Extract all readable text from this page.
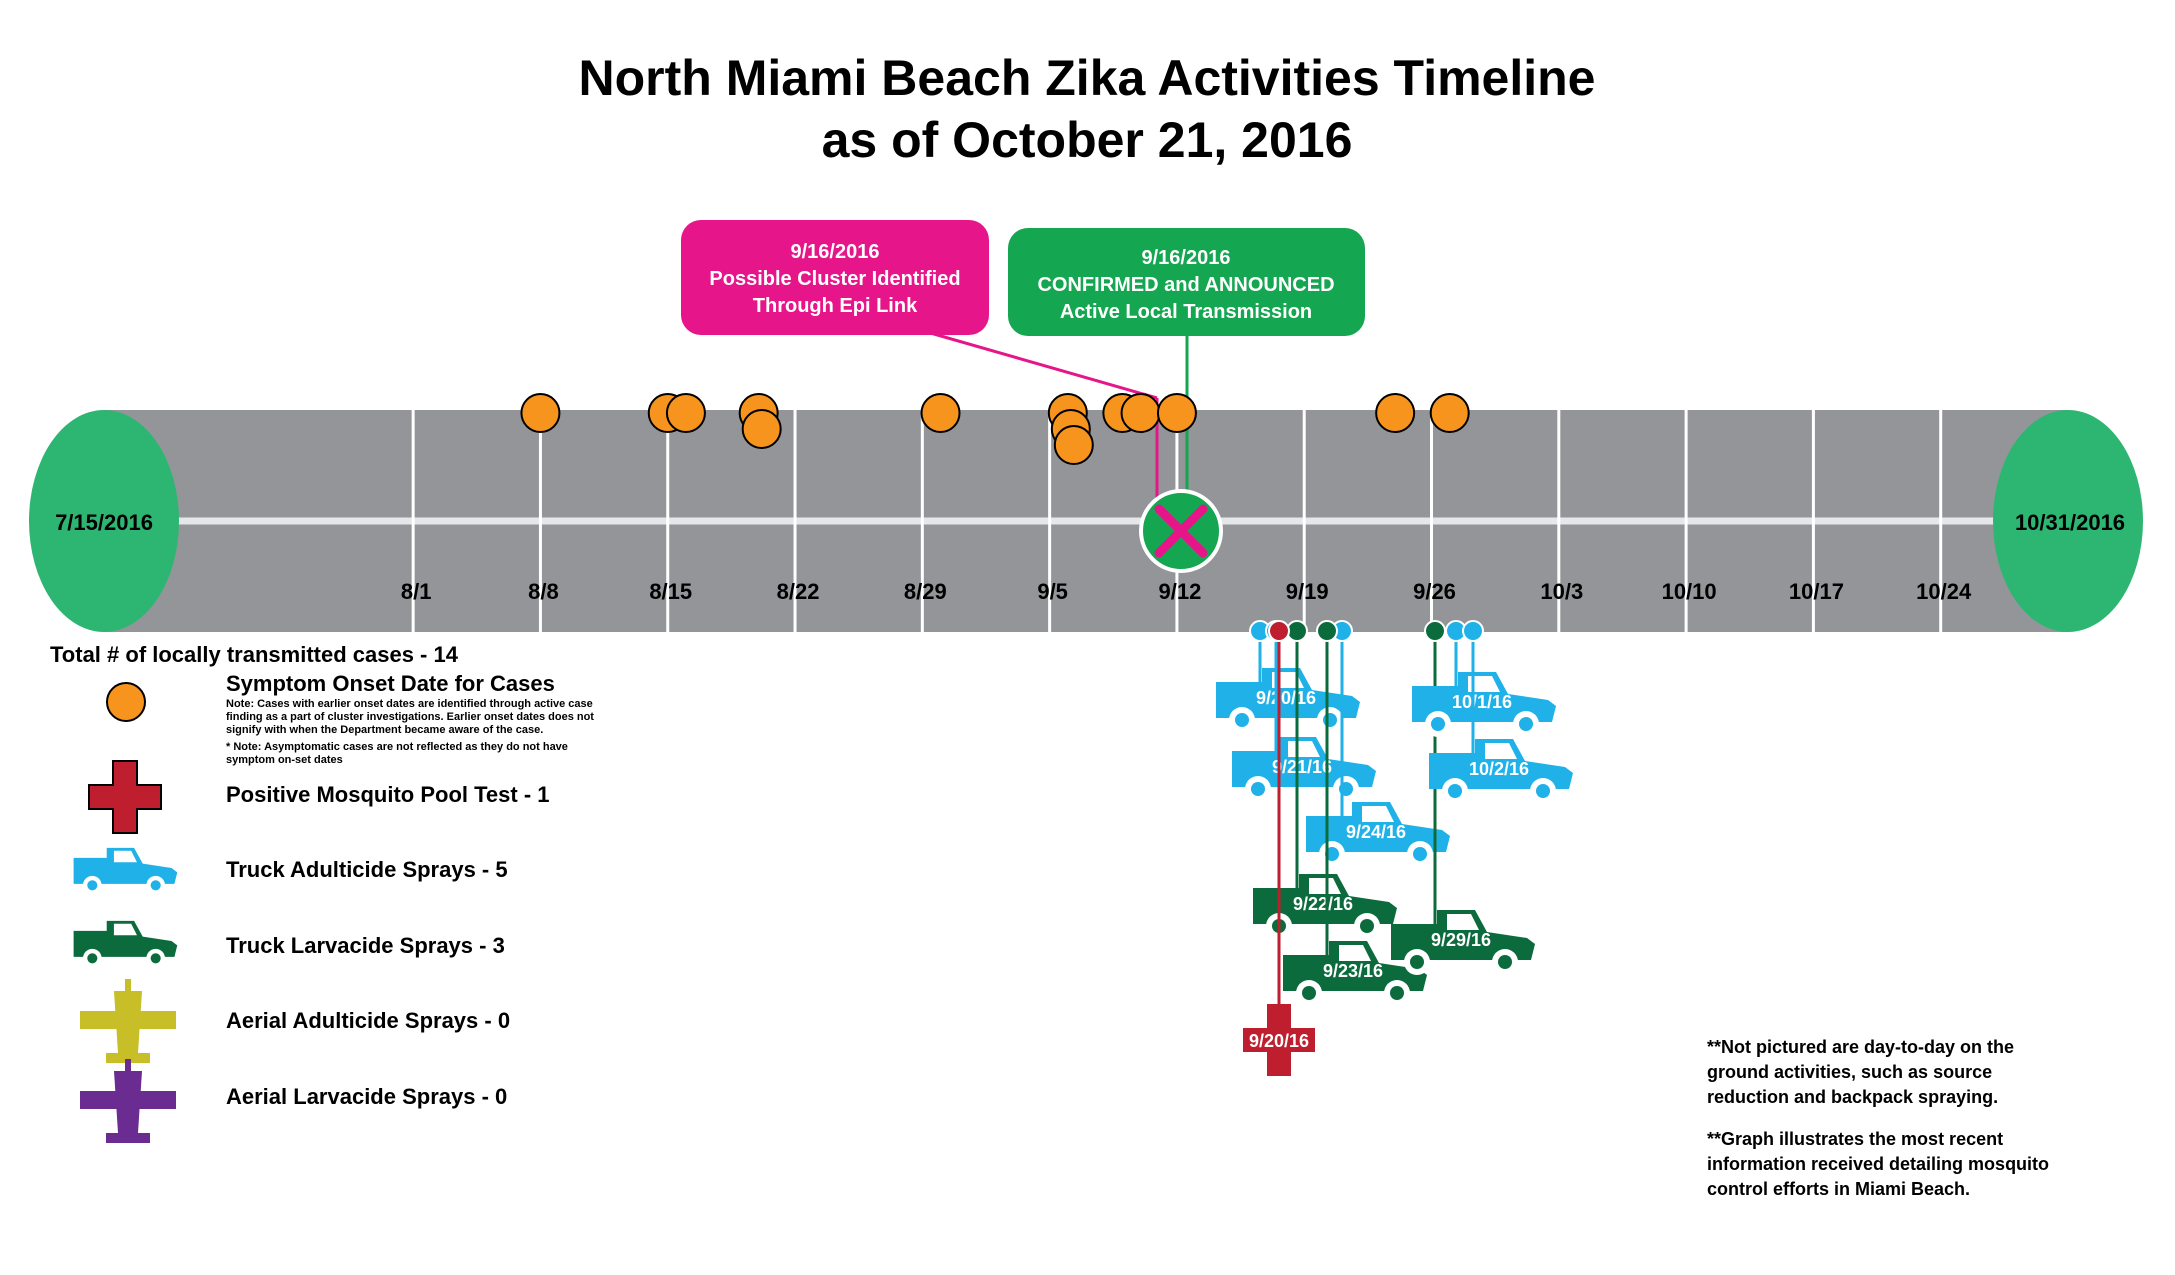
North Miami Beach Zika Activities Timeline
as of October 21, 2016
8/1	8/8	8/15	8/22	8/29	9/5	9/12	9/19	9/26	10/3	10/10	10/17	10/24
7/15/2016	10/31/2016
9/16/2016
Possible Cluster Identified
Through Epi Link
9/16/2016
CONFIRMED and ANNOUNCED
Active Local Transmission
9/20/16
9/21/16
9/24/16
9/22/16
9/23/16
9/20/16
9/29/16
10/1/16
10/2/16
Total # of locally transmitted cases - 14
Symptom Onset Date for Cases
Note: Cases with earlier onset dates are identified through active case
finding as a part of cluster investigations. Earlier onset dates does not
signify with when the Department became aware of the case.
* Note: Asymptomatic cases are not reflected as they do not have
symptom on-set dates
Positive Mosquito Pool Test - 1
Truck Adulticide Sprays - 5
Truck Larvacide Sprays - 3
Aerial Adulticide Sprays - 0
Aerial Larvacide Sprays - 0
**Not pictured are day-to-day on the
ground activities, such as source
reduction and backpack spraying.
**Graph illustrates the most recent
information received detailing mosquito
control efforts in Miami Beach.
